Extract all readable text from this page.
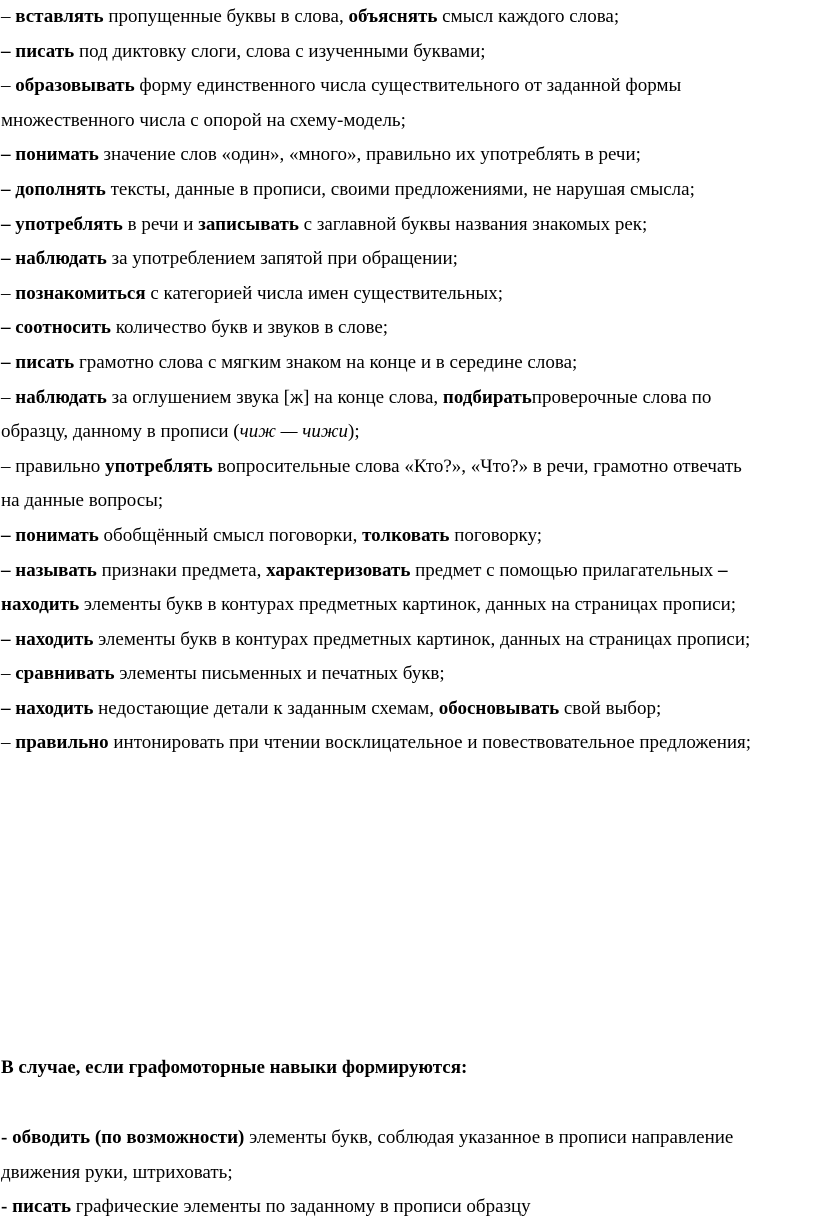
– вставлять пропущенные буквы в слова, объяснять смысл каждого слова;

– писать под диктовку слоги, слова с изученными буквами;

– образовывать форму единственного числа существительного от заданной формы

множественного числа с опорой на схему-модель;

– понимать значение слов «один», «много», правильно их употреблять в речи;

– дополнять тексты, данные в прописи, своими предложениями, не нарушая смысла;

– употреблять в речи и записывать с заглавной буквы названия знакомых рек;

– наблюдать за употреблением запятой при обращении;

– познакомиться с категорией числа имен существительных;

– соотносить количество букв и звуков в слове;

– писать грамотно слова с мягким знаком на конце и в середине слова;

– наблюдать за оглушением звука [ж] на конце слова, подбиратьпроверочные слова по

образцу, данному в прописи (чиж — чижи);

– правильно употреблять вопросительные слова «Кто?», «Что?» в речи, грамотно отвечать

на данные вопросы;

– понимать обобщённый смысл поговорки, толковать поговорку;

– называть признаки предмета, характеризовать предмет с помощью прилагательных –

находить элементы букв в контурах предметных картинок, данных на страницах прописи;

– находить элементы букв в контурах предметных картинок, данных на страницах прописи;

– сравнивать элементы письменных и печатных букв;

– находить недостающие детали к заданным схемам, обосновывать свой выбор;

– правильно интонировать при чтении восклицательное и повествовательное предложения;

В случае, если графомоторные навыки формируются:

- обводить (по возможности) элементы букв, соблюдая указанное в прописи направление

движения руки, штриховать;

- писать графические элементы по заданному в прописи образцу
